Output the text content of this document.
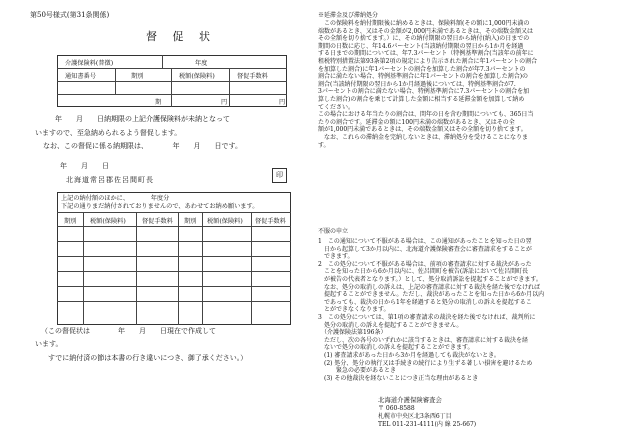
第50号様式(第31条関係)
督 促 状
介護保険料(普徴)	年度
通知書番号	期別	税額(保険料)	督促手数料
期	円	円
年　　月　　日納期限の上記介護保険料が未納となって
いますので、至急納められるよう督促します。
なお、この督促に係る納期限は、　　　　年　　月　　日です。
年　　月　　日
北海道常呂郡佐呂間町長
印
上記の納付額のほかに、　　　　年度分
下記の通りまだ納付されておりませんので、あわせてお納め願います。
期別 税額(保険料)	督促手数料 期別 税額(保険料) 督促手数料
（この督促状は　　　　年　　月　　日現在で作成して
います。
すでに納付済の節は本書の行き違いにつき、御了承ください。）
※延滞金及び滞納処分
　この保険料を納付期限後に納めるときは、保険料額(その額に1,000円未満の
端数があるとき、又はその金額が2,000円未満であるときは、その端数金額又は
その全額を切り捨てます。）に、その納付期限の翌日から納付(納入)の日までの
期間の日数に応じ、年14.6パーセント(当該納付期限の翌日から1か月を経過
する日までの期間については、年7.3パーセント（特例基準割合(当該年の前年に
租税特別措置法第93条第2項の規定により告示された割合に年1パーセントの割合
を加算した割合)に年1パーセントの割合を加算した割合が年7.3パーセントの
割合に満たない場合、特例基準割合に年1パーセントの割合を加算した割合)の
割合(当該納付期限の翌日から1か月経過後については、特例基準割合が7.
3パーセントの割合に満たない場合、特例基準割合に7.3パーセントの割合を加
算した割合)の割合を乗じて計算した金額に相当する延滞金額を加算して納め
てください。
この場合における年当たりの割合は、閏年の日を含む期間についても、365日当
たりの割合です。延滞金の額に100円未満の端数があるとき、又はその全
額が1,000円未満であるときは、その端数金額又はその全額を切り捨てます。
　なお、これらの滞納金を完納しないときは、滞納処分を受けることになりま
す。
不服の申立
1　この通知について不服がある場合は、この通知があったことを知った日の翌
　日から起算して3か月以内に、北海道介護保険審査会に審査請求をすることが
　できます。
2　この処分について不服がある場合は、前項の審査請求に対する裁決があった
　ことを知った日から6か月以内に、佐呂間町を被告(訴訟において佐呂間町長
　が被告の代表者となります。）として、処分取消訴訟を提起することができます。
　なお、処分の取消しの訴えは、上記の審査請求に対する裁決を経た後でなければ
　提起することができません。ただし、裁決があったことを知った日から6か月以内
　であっても、裁決の日から1年を経過すると処分の取消しの訴えを提起するこ
　とができなくなります。
3　この処分については、第1項の審査請求の裁決を経た後でなければ、裁判所に
　処分の取消しの訴えを提起することができません。
　（介護保険法第196条）
　ただし、次の各号のいずれかに該当するときは、審査請求に対する裁決を経
　ないで処分の取消しの訴えを提起することができます。
　(1) 審査請求があった日から3か月を経過しても裁決がないとき。
　(2) 処分、処分の執行又は手続きの続行により生ずる著しい損害を避けるため
　　　緊急の必要があるとき
　(3) その他裁決を経ないことにつき正当な理由があるとき
北海道介護保険審査会
〒 060-8588
札幌市中央区北3条西6丁目
TEL 011-231-4111(内 線 25-667)
